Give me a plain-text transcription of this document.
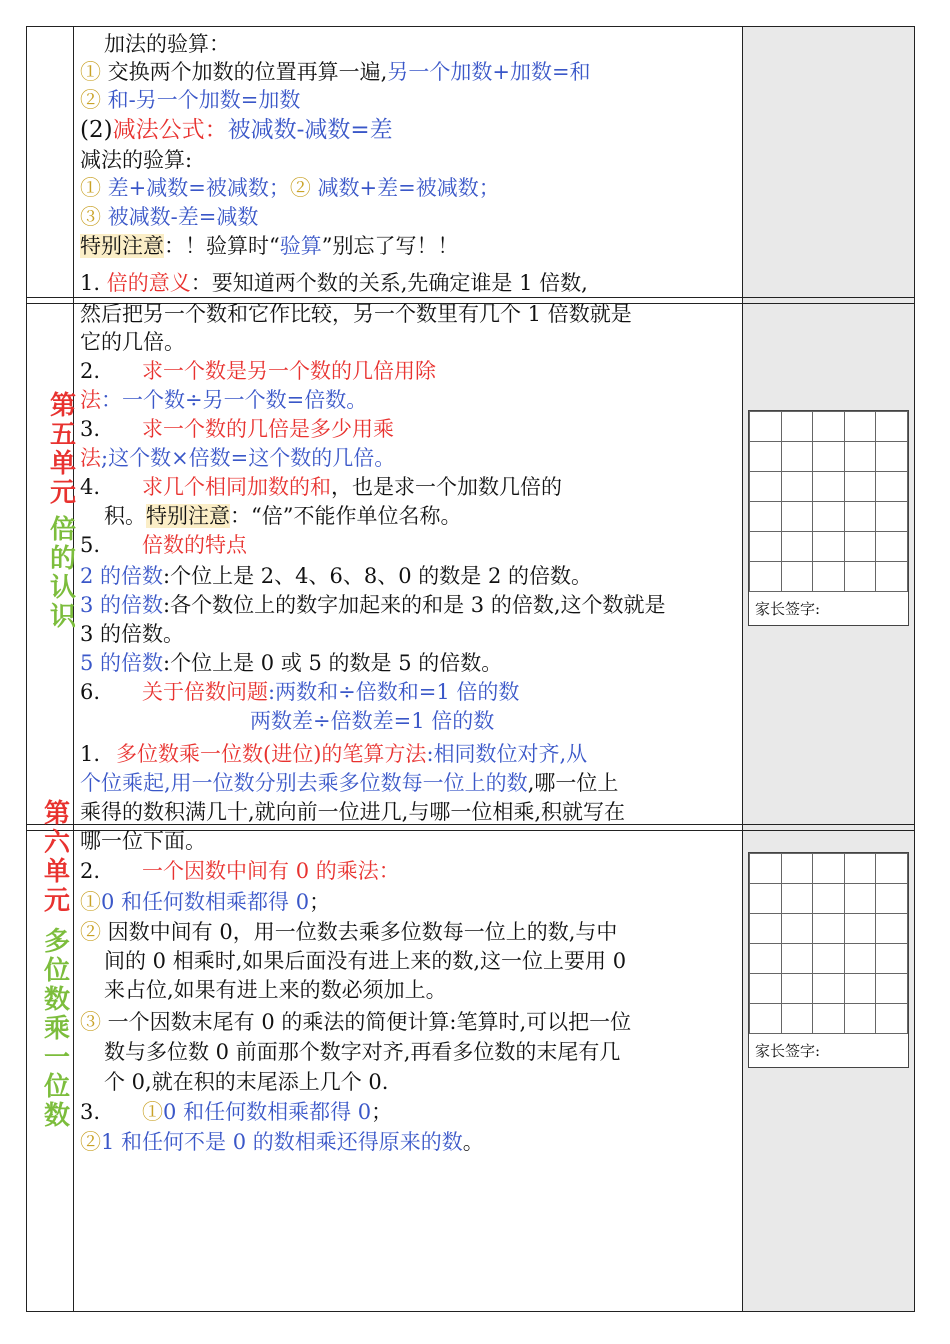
加法的验算：
① 交换两个加数的位置再算一遍,另一个加数+加数=和
② 和-另一个加数=加数
(2)减法公式：被减数-减数=差
减法的验算:
① 差+减数=被减数；② 减数+差=被减数；
③ 被减数-差=减数
特别注意：！验算时“验算”别忘了写！！
1. 倍的意义：要知道两个数的关系,先确定谁是 1 倍数,
第
五
单
元
倍
的
认
识
然后把另一个数和它作比较，另一个数里有几个 1 倍数就是
它的几倍。
2. 求一个数是另一个数的几倍用除
法：一个数÷另一个数=倍数。
3. 求一个数的几倍是多少用乘
法;这个数×倍数=这个数的几倍。
4. 求几个相同加数的和，也是求一个加数几倍的
积。特别注意：“倍”不能作单位名称。
5. 倍数的特点
2 的倍数:个位上是 2、4、6、8、0 的数是 2 的倍数。
3 的倍数:各个数位上的数字加起来的和是 3 的倍数,这个数就是
3 的倍数。
5 的倍数:个位上是 0 或 5 的数是 5 的倍数。
6. 关于倍数问题:两数和÷倍数和=1 倍的数
两数差÷倍数差=1 倍的数
1. 多位数乘一位数(进位)的笔算方法:相同数位对齐,从
个位乘起,用一位数分别去乘多位数每一位上的数,哪一位上
乘得的数积满几十,就向前一位进几,与哪一位相乘,积就写在
哪一位下面。

家长签字:
第
六
单
元
多
位
数
乘
一
位
数
2. 一个因数中间有 0 的乘法：
①0 和任何数相乘都得 0；
② 因数中间有 0，用一位数去乘多位数每一位上的数,与中
间的 0 相乘时,如果后面没有进上来的数,这一位上要用 0
来占位,如果有进上来的数必须加上。
③ 一个因数末尾有 0 的乘法的简便计算:笔算时,可以把一位
数与多位数 0 前面那个数字对齐,再看多位数的末尾有几
个 0,就在积的末尾添上几个 0.
3. ①0 和任何数相乘都得 0；
②1 和任何不是 0 的数相乘还得原来的数。

家长签字:
